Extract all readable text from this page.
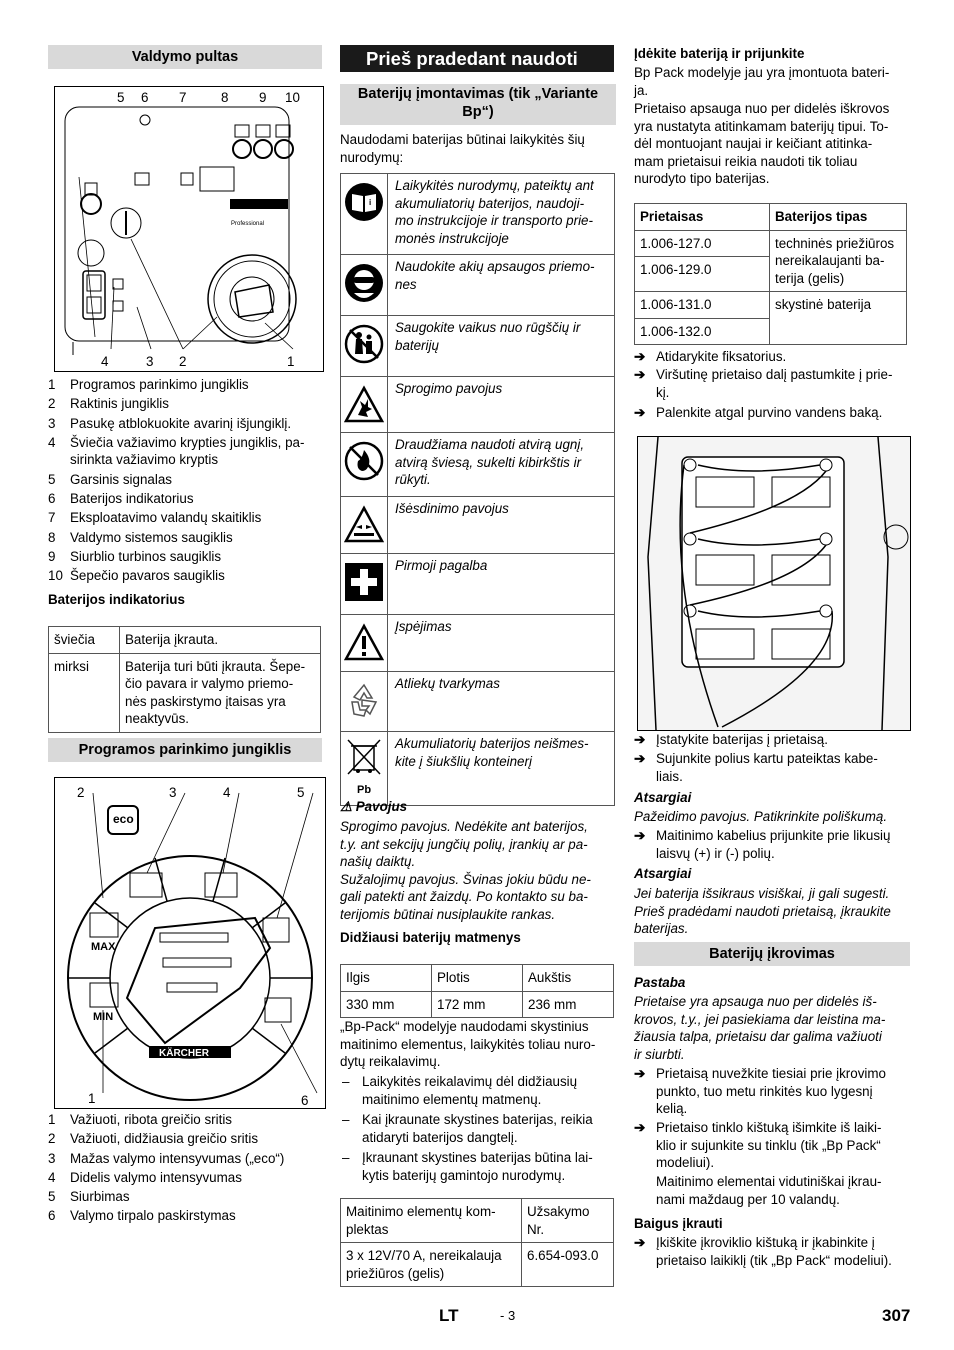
Valdymo pultas
Professional
5 6 7	8 9 10
4	3 2	1
1 Programos parinkimo jungiklis
2 Raktinis jungiklis
3 Pasukę atblokuokite avarinį išjungiklį.
4 Šviečia važiavimo krypties jungiklis, pa-
sirinkta važiavimo kryptis
5 Garsinis signalas
6 Baterijos indikatorius
7 Eksploatavimo valandų skaitiklis
8 Valdymo sistemos saugiklis
9 Siurblio turbinos saugiklis
10 Šepečio pavaros saugiklis
Baterijos indikatorius
šviečia	Baterija įkrauta.
mirksi	Baterija turi būti įkrauta. Šepe-
čio pavara ir valymo priemo-
nės paskirstymo įtaisas yra
neaktyvūs.
Programos parinkimo jungiklis
eco
MAX
MIN
KÄRCHER
2	3	4	5
1	6
1 Važiuoti, ribota greičio sritis
2 Važiuoti, didžiausia greičio sritis
3 Mažas valymo intensyvumas („eco“)
4 Didelis valymo intensyvumas
5 Siurbimas
6 Valymo tirpalo paskirstymas
Prieš pradedant naudoti
Baterijų įmontavimas (tik „Variante
Bp“)
Naudodami baterijas būtinai laikykitės šių
nurodymų:
i
Laikykitės nurodymų, pateiktų ant
akumuliatorių baterijos, naudoji-
mo instrukcijoje ir transporto prie-
monės instrukcijoje
Naudokite akių apsaugos priemo-
nes
Saugokite vaikus nuo rūgščių ir
baterijų
Sprogimo pavojus
Draudžiama naudoti atvirą ugnį,
atvirą šviesą, sukelti kibirkštis ir
rūkyti.
Išėsdinimo pavojus
Pirmoji pagalba
Įspėjimas
Atliekų tvarkymas
Pb
Akumuliatorių baterijos neišmes-
kite į šiukšlių konteinerį
⚠ Pavojus
Sprogimo pavojus. Nedėkite ant baterijos,
t.y. ant sekcijų jungčių polių, įrankių ar pa-
našių daiktų.
Sužalojimų pavojus. Švinas jokiu būdu ne-
gali patekti ant žaizdų. Po kontakto su ba-
terijomis būtinai nusiplaukite rankas.
Didžiausi baterijų matmenys
Ilgis	Plotis	Aukštis
330 mm	172 mm	236 mm
„Bp-Pack“ modelyje naudodami skystinius
maitinimo elementus, laikykitės toliau nuro-
dytų reikalavimų.
– Laikykitės reikalavimų dėl didžiausių
maitinimo elementų matmenų.
– Kai įkraunate skystines baterijas, reikia
atidaryti baterijos dangtelį.
– Įkraunant skystines baterijas būtina lai-
kytis baterijų gamintojo nurodymų.
Maitinimo elementų kom-
plektas	Užsakymo
Nr.
3 x 12V/70 A, nereikalauja
priežiūros (gelis)	6.654-093.0
Įdėkite bateriją ir prijunkite
Bp Pack modelyje jau yra įmontuota bateri-
ja.
Prietaiso apsauga nuo per didelės iškrovos
yra nustatyta atitinkamam baterijų tipui. To-
dėl montuojant naujai ir keičiant atitinka-
mam prietaisui reikia naudoti tik toliau
nurodyto tipo baterijas.
Prietaisas	Baterijos tipas
1.006-127.0	techninės priežiūros
nereikalaujanti ba-
terija (gelis)
1.006-129.0	
1.006-131.0	skystinė baterija
1.006-132.0	
➔ Atidarykite fiksatorius.
➔ Viršutinę prietaiso dalį pastumkite į prie-
kį.
➔ Palenkite atgal purvino vandens baką.
➔ Įstatykite baterijas į prietaisą.
➔ Sujunkite polius kartu pateiktas kabe-
liais.
Atsargiai
Pažeidimo pavojus. Patikrinkite poliškumą.
➔ Maitinimo kabelius prijunkite prie likusių
laisvų (+) ir (-) polių.
Atsargiai
Jei baterija išsikraus visiškai, ji gali sugesti.
Prieš pradėdami naudoti prietaisą, įkraukite
baterijas.
Baterijų įkrovimas
Pastaba
Prietaise yra apsauga nuo per didelės iš-
krovos, t.y., jei pasiekiama dar leistina ma-
žiausia talpa, prietaisu dar galima važiuoti
ir siurbti.
➔ Prietaisą nuvežkite tiesiai prie įkrovimo
punkto, tuo metu rinkitės kuo lygesnį
kelią.
➔ Prietaiso tinklo kištuką išimkite iš laiki-
klio ir sujunkite su tinklu (tik „Bp Pack“
modeliui).
Maitinimo elementai vidutiniškai įkrau-
nami maždaug per 10 valandų.
Baigus įkrauti
➔ Įkiškite įkroviklio kištuką ir įkabinkite į
prietaiso laikiklį (tik „Bp Pack“ modeliui).
LT	- 3	307
